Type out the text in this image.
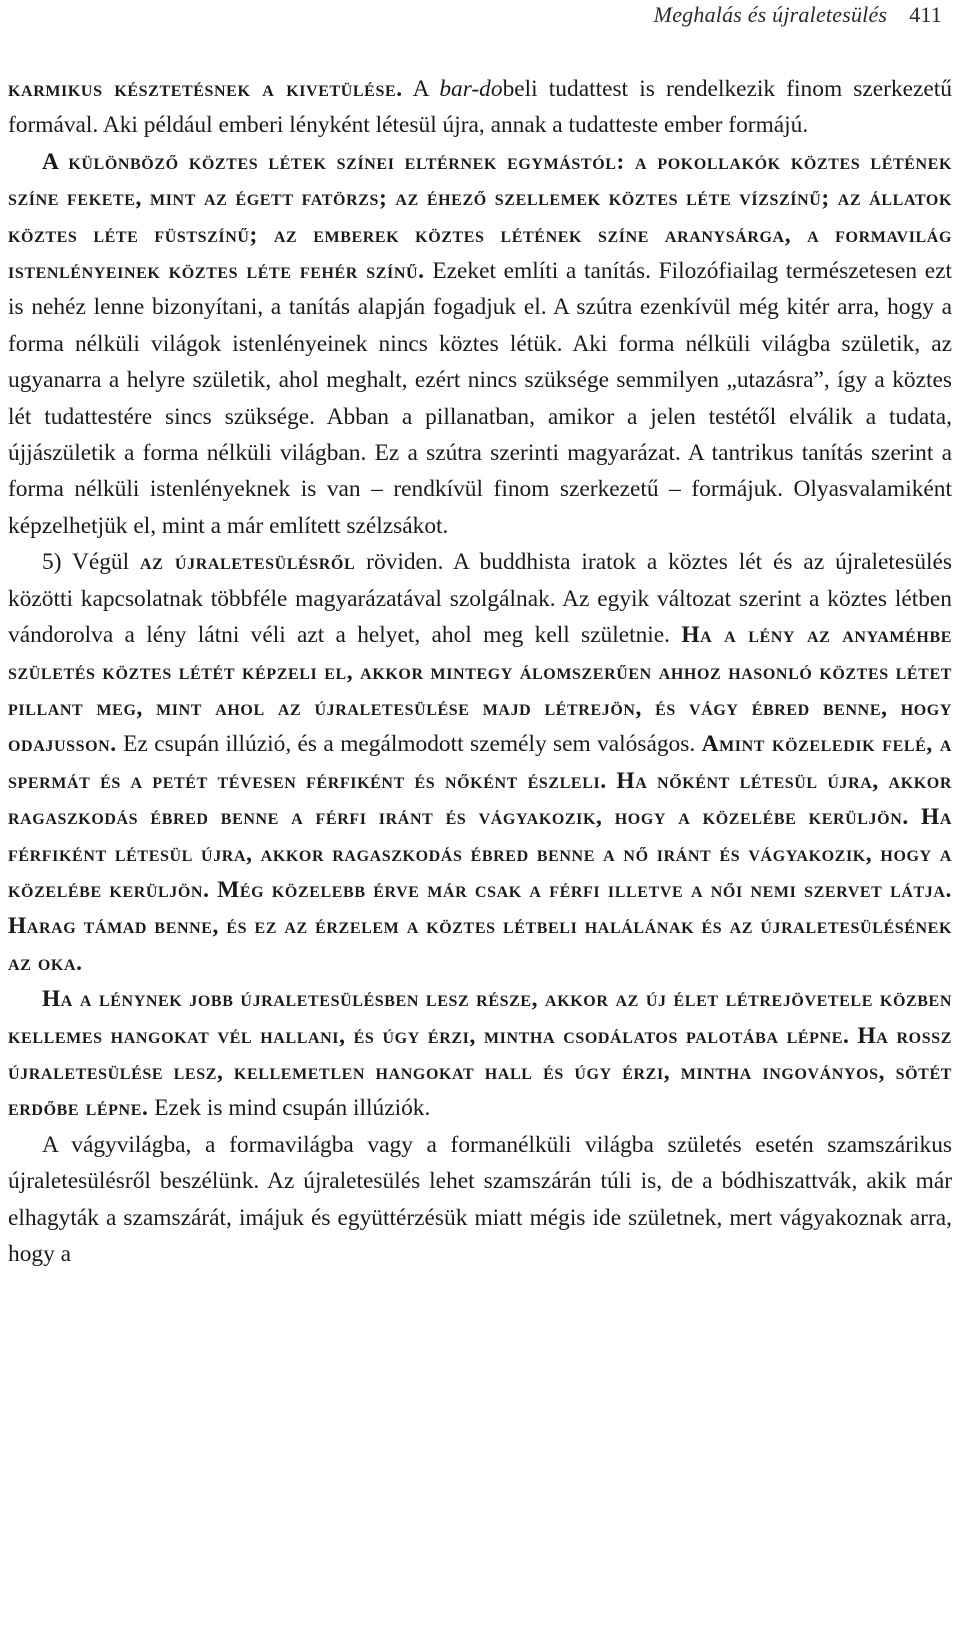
Meghalás és újraletesülés 411

karmikus késztetésnek a kivetülése. A bar-dobeli tudattest is rendelkezik finom szerkezetű formával. Aki például emberi lényként létesül újra, annak a tudatteste ember formájú.

A különböző köztes létek színei eltérnek egymástól: a pokollakók köztes létének színe fekete, mint az égett fatörzs; az éhező szellemek köztes léte vízszínű; az állatok köztes léte füstszínű; az emberek köztes létének színe aranysárga, a formavilág istenlényeinek köztes léte fehér színű. Ezeket említi a tanítás. Filozófiailag természetesen ezt is nehéz lenne bizonyítani, a tanítás alapján fogadjuk el. A szútra ezenkívül még kitér arra, hogy a forma nélküli világok istenlényeinek nincs köztes létük. Aki forma nélküli világba születik, az ugyanarra a helyre születik, ahol meghalt, ezért nincs szüksége semmilyen „utazásra”, így a köztes lét tudattestére sincs szüksége. Abban a pillanatban, amikor a jelen testétől elválik a tudata, újjászületik a forma nélküli világban. Ez a szútra szerinti magyarázat. A tantrikus tanítás szerint a forma nélküli istenlényeknek is van – rendkívül finom szerkezetű – formájuk. Olyasvalamiként képzelhetjük el, mint a már említett szélzsákot.

5) Végül az újraletesülésről röviden. A buddhista iratok a köztes lét és az újraletesülés közötti kapcsolatnak többféle magyarázatával szolgálnak. Az egyik változat szerint a köztes létben vándorolva a lény látni véli azt a helyet, ahol meg kell születnie. Ha a lény az anyaméhbe születés köztes létét képzeli el, akkor mintegy álomszerűen ahhoz hasonló köztes létet pillant meg, mint ahol az újraletesülése majd létrejön, és vágy ébred benne, hogy odajusson. Ez csupán illúzió, és a megálmodott személy sem valóságos. Amint közeledik felé, a spermát és a petét tévesen férfiként és nőként észleli. Ha nőként létesül újra, akkor ragaszkodás ébred benne a férfi iránt és vágyakozik, hogy a közelébe kerüljön. Ha férfiként létesül újra, akkor ragaszkodás ébred benne a nő iránt és vágyakozik, hogy a közelébe kerüljön. Még közelebb érve már csak a férfi illetve a női nemi szervet látja. Harag támad benne, és ez az érzelem a köztes létbeli halálának és az újraletesülésének az oka.

Ha a lénynek jobb újraletesülésben lesz része, akkor az új élet létrejövetele közben kellemes hangokat vél hallani, és úgy érzi, mintha csodálatos palotába lépne. Ha rossz újraletesülése lesz, kellemetlen hangokat hall és úgy érzi, mintha ingoványos, sötét erdőbe lépne. Ezek is mind csupán illúziók.

A vágyvilágba, a formavilágba vagy a formanélküli világba születés esetén szamszárikus újraletesülésről beszélünk. Az újraletesülés lehet szamszárán túli is, de a bódhiszattvák, akik már elhagyták a szamszárát, imájuk és együttérzésük miatt mégis ide születnek, mert vágyakoznak arra, hogy a
